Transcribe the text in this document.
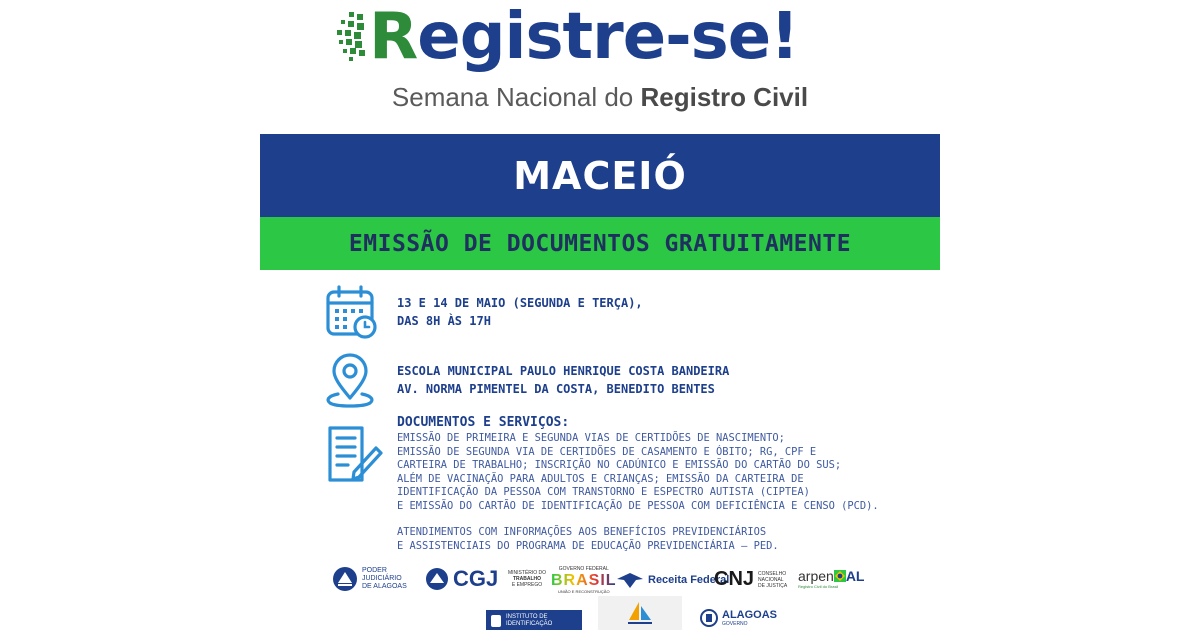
Registre-se!
Semana Nacional do Registro Civil
MACEIÓ
EMISSÃO DE DOCUMENTOS GRATUITAMENTE
13 E 14 DE MAIO (SEGUNDA E TERÇA),
DAS 8H ÀS 17H
ESCOLA MUNICIPAL PAULO HENRIQUE COSTA BANDEIRA
AV. NORMA PIMENTEL DA COSTA, BENEDITO BENTES
DOCUMENTOS E SERVIÇOS:
EMISSÃO DE PRIMEIRA E SEGUNDA VIAS DE CERTIDÕES DE NASCIMENTO;
EMISSÃO DE SEGUNDA VIA DE CERTIDÕES DE CASAMENTO E ÓBITO; RG, CPF E
CARTEIRA DE TRABALHO; INSCRIÇÃO NO CADÚNICO E EMISSÃO DO CARTÃO DO SUS;
ALÉM DE VACINAÇÃO PARA ADULTOS E CRIANÇAS; EMISSÃO DA CARTEIRA DE
IDENTIFICAÇÃO DA PESSOA COM TRANSTORNO E ESPECTRO AUTISTA (CIPTEA)
E EMISSÃO DO CARTÃO DE IDENTIFICAÇÃO DE PESSOA COM DEFICIÊNCIA E CENSO (PCD).
ATENDIMENTOS COM INFORMAÇÕES AOS BENEFÍCIOS PREVIDENCIÁRIOS
E ASSISTENCIAIS DO PROGRAMA DE EDUCAÇÃO PREVIDENCIÁRIA – PED.
PODER
JUDICIÁRIO
DE ALAGOAS CGJ MINISTÉRIO DO
TRABALHO
E EMPREGO
GOVERNO FEDERAL
BRASIL
UNIÃO E RECONSTRUÇÃO
Receita Federal
CNJ CONSELHO
NACIONAL
DE JUSTIÇA
arpen AL
Registro Civil do Brasil
INSTITUTO DE
IDENTIFICAÇÃO
ALAGOAS
GOVERNO
